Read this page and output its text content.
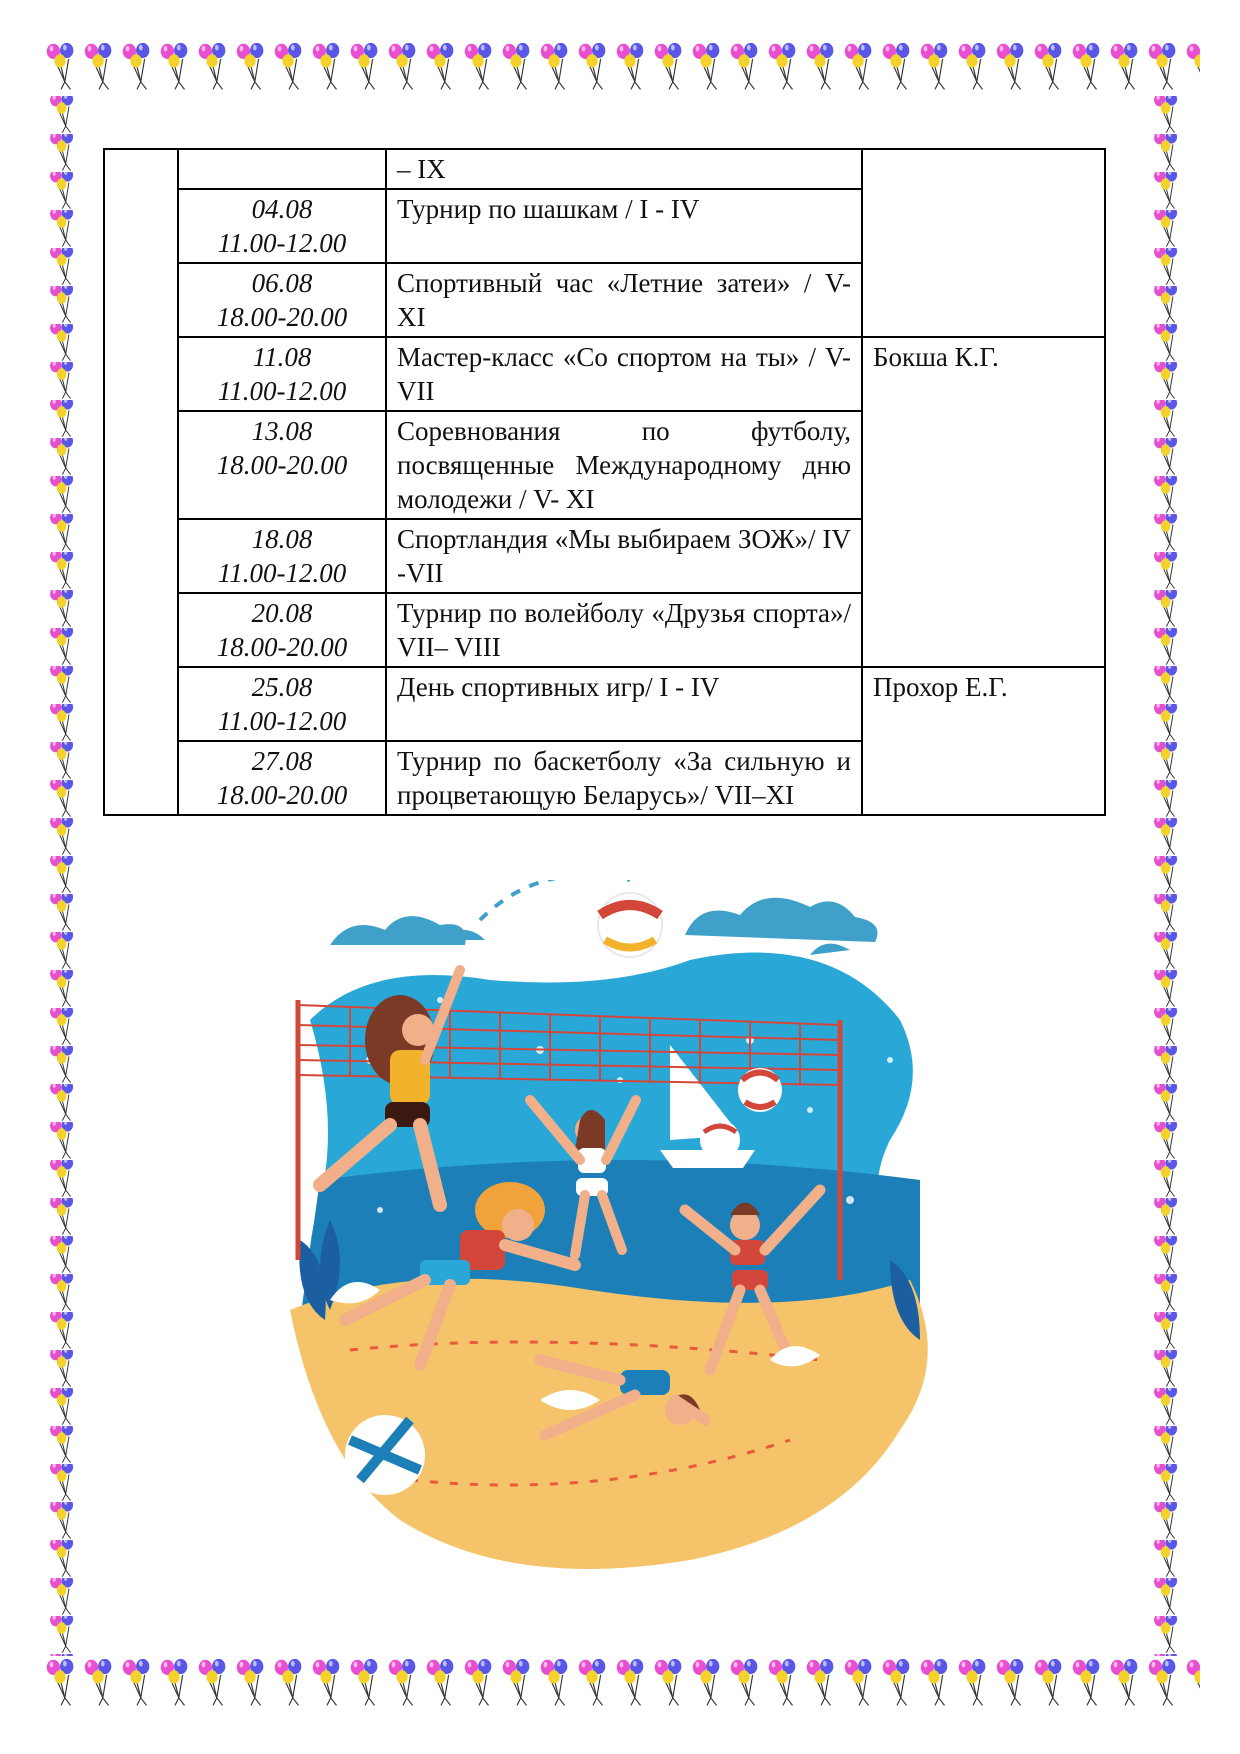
		– IX	

	04.08
11.00-12.00	Турнир по шашкам / I - IV	

	06.08
18.00-20.00	Спортивный час «Летние затеи» / V- XI	

	11.08
11.00-12.00	Мастер-класс «Со спортом на ты» / V-VII	Бокша К.Г.

	13.08
18.00-20.00	Соревнования по футболу, посвященные Международному дню молодежи / V- XI	

	18.08
11.00-12.00	Спортландия «Мы выбираем ЗОЖ»/ IV -VII	

	20.08
18.00-20.00	Турнир по волейболу «Друзья спорта»/ VII– VIII	

	25.08
11.00-12.00	День спортивных игр/ I - IV	Прохор Е.Г.

	27.08
18.00-20.00	Турнир по баскетболу «За сильную и процветающую Беларусь»/ VII–XI	
